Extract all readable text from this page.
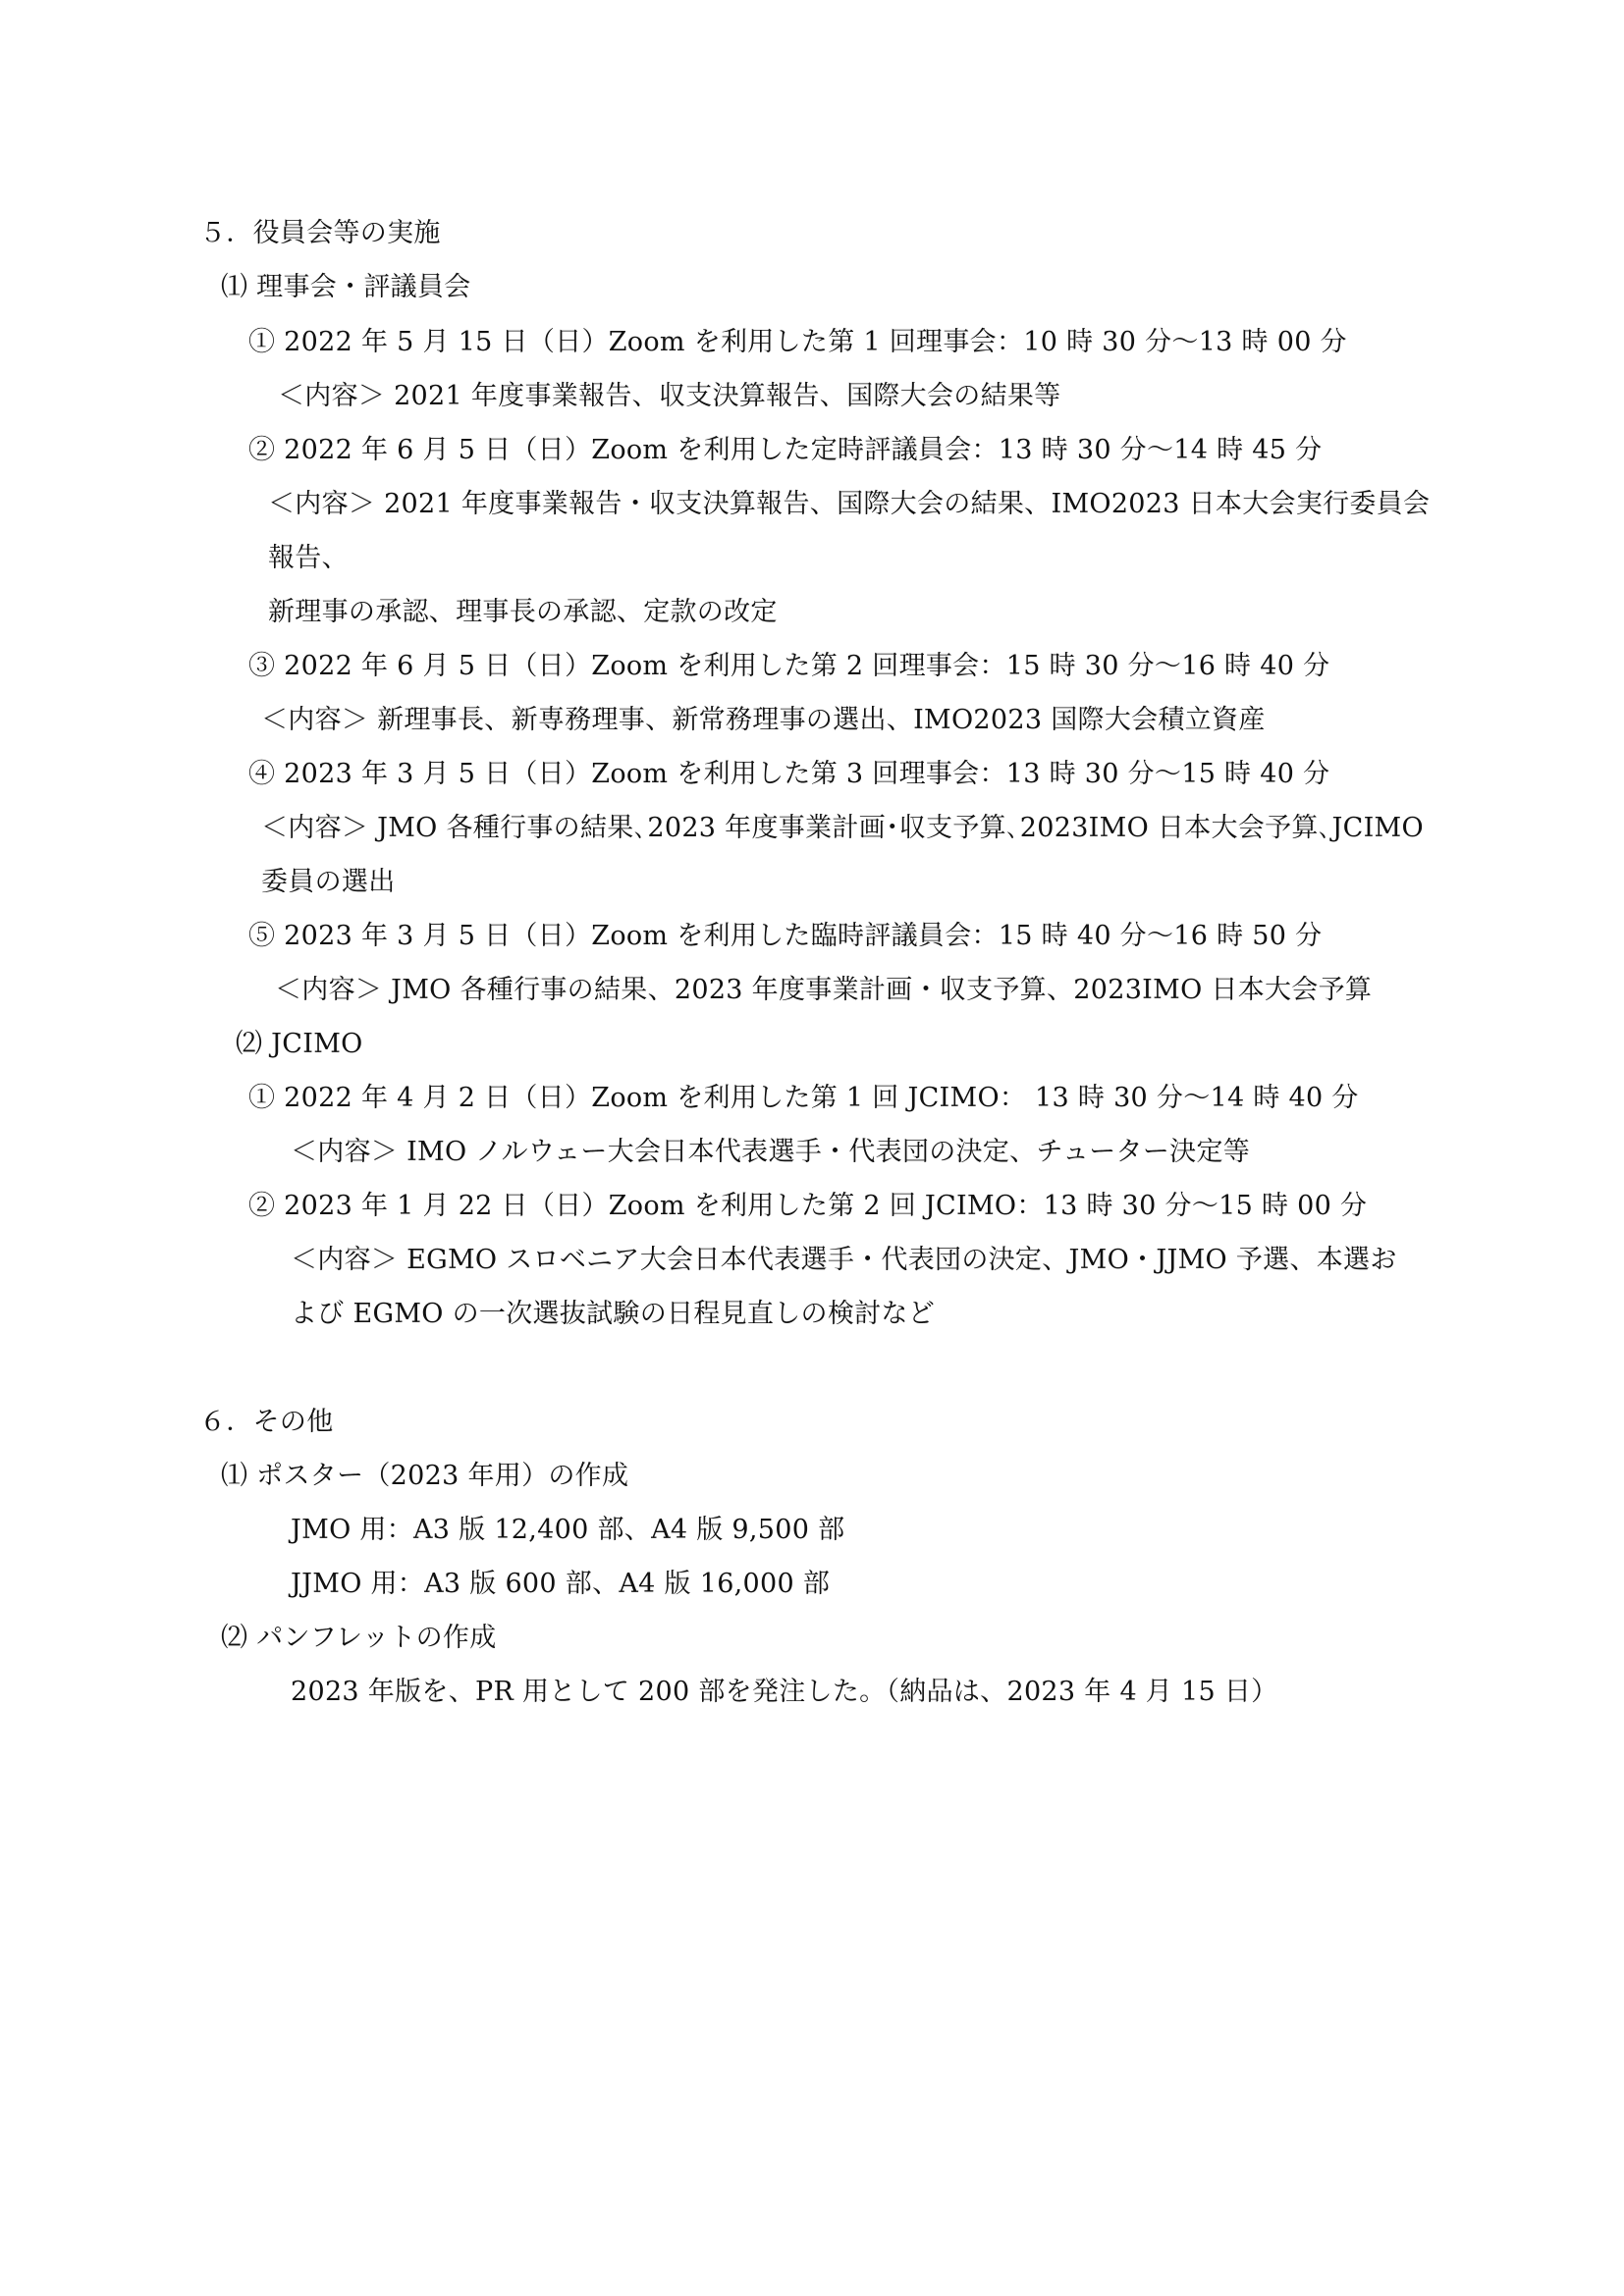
５．役員会等の実施
⑴ 理事会・評議員会
① 2022 年 5 月 15 日（日）Zoom を利用した第 1 回理事会：10 時 30 分～13 時 00 分
＜内容＞ 2021 年度事業報告、収支決算報告、国際大会の結果等
② 2022 年 6 月 5 日（日）Zoom を利用した定時評議員会：13 時 30 分～14 時 45 分
＜内容＞ 2021 年度事業報告・収支決算報告、国際大会の結果、IMO2023 日本大会実行委員会
報告、
新理事の承認、理事長の承認、定款の改定
③ 2022 年 6 月 5 日（日）Zoom を利用した第 2 回理事会：15 時 30 分～16 時 40 分
＜内容＞ 新理事長、新専務理事、新常務理事の選出、IMO2023 国際大会積立資産
④ 2023 年 3 月 5 日（日）Zoom を利用した第 3 回理事会：13 時 30 分～15 時 40 分
＜内容＞ JMO 各種行事の結果､2023 年度事業計画･収支予算､2023IMO 日本大会予算､JCIMO
委員の選出
⑤ 2023 年 3 月 5 日（日）Zoom を利用した臨時評議員会：15 時 40 分～16 時 50 分
＜内容＞ JMO 各種行事の結果、2023 年度事業計画・収支予算、2023IMO 日本大会予算
⑵ JCIMO
① 2022 年 4 月 2 日（日）Zoom を利用した第 1 回 JCIMO： 13 時 30 分～14 時 40 分
＜内容＞ IMO ノルウェー大会日本代表選手・代表団の決定、チューター決定等
② 2023 年 1 月 22 日（日）Zoom を利用した第 2 回 JCIMO：13 時 30 分～15 時 00 分
＜内容＞ EGMO スロベニア大会日本代表選手・代表団の決定、JMO・JJMO 予選、本選お
よび EGMO の一次選抜試験の日程見直しの検討など
６．その他
⑴ ポスター（2023 年用）の作成
JMO 用：A3 版 12,400 部、A4 版 9,500 部
JJMO 用：A3 版 600 部、A4 版 16,000 部
⑵ パンフレットの作成
2023 年版を、PR 用として 200 部を発注した。（納品は、2023 年 4 月 15 日）
